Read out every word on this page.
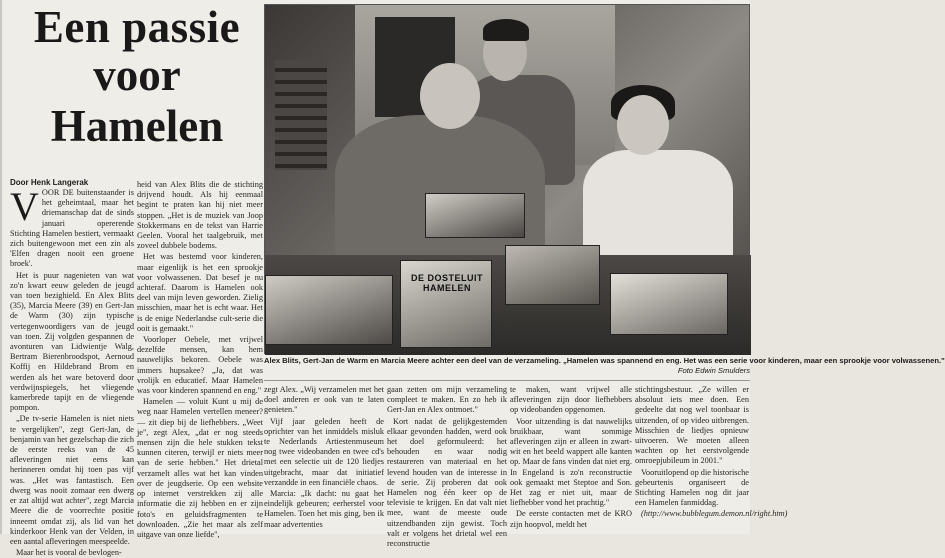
Een passie
voor
Hamelen
Door Henk Langerak
V OOR DE buitenstaander is het geheimtaal, maar het driemanschap dat de sinds januari opererende Stichting Hamelen bestiert, vermaakt zich buitengewoon met een zin als 'Elfen dragen nooit een groene broek'.

Het is puur nagenieten van wat zo'n kwart eeuw geleden de jeugd van toen bezighield. En Alex Blits (35), Marcia Meere (39) en Gert-Jan de Warm (30) zijn typische vertegenwoordigers van de jeugd van toen. Zij volgden gespannen de avonturen van Lidwientje Walg, Bertram Bierenbroodspot, Aernoud Koffij en Hildebrand Brom en werden als het ware betoverd door verdwijnspiegels, het vliegende kamerbrede tapijt en de vliegende pompon.

„De tv-serie Hamelen is niet niets te vergelijken", zegt Gert-Jan, de benjamin van het gezelschap die zich de eerste reeks van de 45 afleveringen niet eens kan herinneren omdat hij toen pas vijf was. „Het was fantastisch. Een dwerg was nooit zomaar een dwerg er zat altijd wat achter", zegt Marcia Meere die de voorrechte positie inneemt omdat zij, als lid van het kinderkoor Henk van der Velden, in een aantal afleveringen meespeelde.

Maar het is vooral de bevlogen-

heid van Alex Blits die de stichting drijvend houdt. Als hij eenmaal begint te praten kan hij niet meer stoppen. „Het is de muziek van Joop Stokkermans en de tekst van Harrie Geelen. Vooral het taalgebruik, met zoveel dubbele bodems.

Het was bestemd voor kinderen, maar eigenlijk is het een sprookje voor volwassenen. Dat besef je nu achteraf. Daarom is Hamelen ook deel van mijn leven geworden. Zielig misschien, maar het is echt waar. Het is de enige Nederlandse cult-serie die ooit is gemaakt."

Voorloper Oebele, met vrijwel dezelfde mensen, kan hem nauwelijks bekoren. Oebele was immers hupsakee? „Ja, dat was vrolijk en educatief. Maar Hamelen was voor kinderen spannend en eng."

Hamelen — voluit Kunt u mij de weg naar Hamelen vertellen meneer? — zit diep bij de liefhebbers. „Weet je", zegt Alex, „dat er nog steeds mensen zijn die hele stukken tekst kunnen citeren, terwijl er niets meer van de serie hebben." Het drietal verzamelt alles wat het kan vinden over de jeugdserie. Op een website op internet verstrekken zij alle informatie die zij hebben en er zijn foto's en geluidsfragmenten te downloaden. „Zie het maar als zelf uitgave van onze liefde",

DE DOSTELUIT HAMELEN
Alex Blits, Gert-Jan de Warm en Marcia Meere achter een deel van de verzameling. „Hamelen was spannend en eng. Het was een serie voor kinderen, maar een sprookje voor volwassenen."
Foto Edwin Smulders

zegt Alex. „Wij verzamelen met het doel anderen er ook van te laten genieten."

Vijf jaar geleden heeft de oprichter van het inmiddels misluk te Nederlands Artiestenmuseum nog twee videobanden en twee cd's met een selectie uit de 120 liedjes uitgebracht, maar dat initiatief verzandde in een financiële chaos.

Marcia: „Ik dacht: nu gaat het eindelijk gebeuren; eerherstel voor Hamelen. Toen het mis ging, ben ik maar advertenties

gaan zetten om mijn verzameling compleet te maken. En zo heb ik Gert-Jan en Alex ontmoet."

Kort nadat de gelijkgestemden elkaar gevonden hadden, werd ook het doel geformuleerd: het behouden en waar nodig restaureren van materiaal en het levend houden van de interesse in de serie. Zij proberen dat ook Hamelen nog één keer op de televisie te krijgen. En dat valt niet mee, want de meeste oude uitzendbanden zijn gewist. Toch valt er volgens het drietal wel een reconstructie

te maken, want vrijwel alle afleveringen zijn door liefhebbers op videobanden opgenomen.

Voor uitzending is dat nauwelijks bruikbaar, want sommige afleveringen zijn er alleen in zwart-wit en het beeld wappert alle kanten op. Maar de fans vinden dat niet erg. In Engeland is zo'n reconstructie ook gemaakt met Steptoe and Son. Het zag er niet uit, maar de liefhebber vond het prachtig."

De eerste contacten met de KRO zijn hoopvol, meldt het

stichtingsbestuur. „Ze willen er absoluut iets mee doen. Een gedeelte dat nog wel toonbaar is uitzenden, of op video uitbrengen. Misschien de liedjes opnieuw uitvoeren. We moeten alleen wachten op het eerstvolgende omroepjubileum in 2001."

Vooruitlopend op die historische gebeurtenis organiseert de Stichting Hamelen nog dit jaar een Hamelen fanmiddag.

(http://www.bubblegum.demon.nl/right.htm)
